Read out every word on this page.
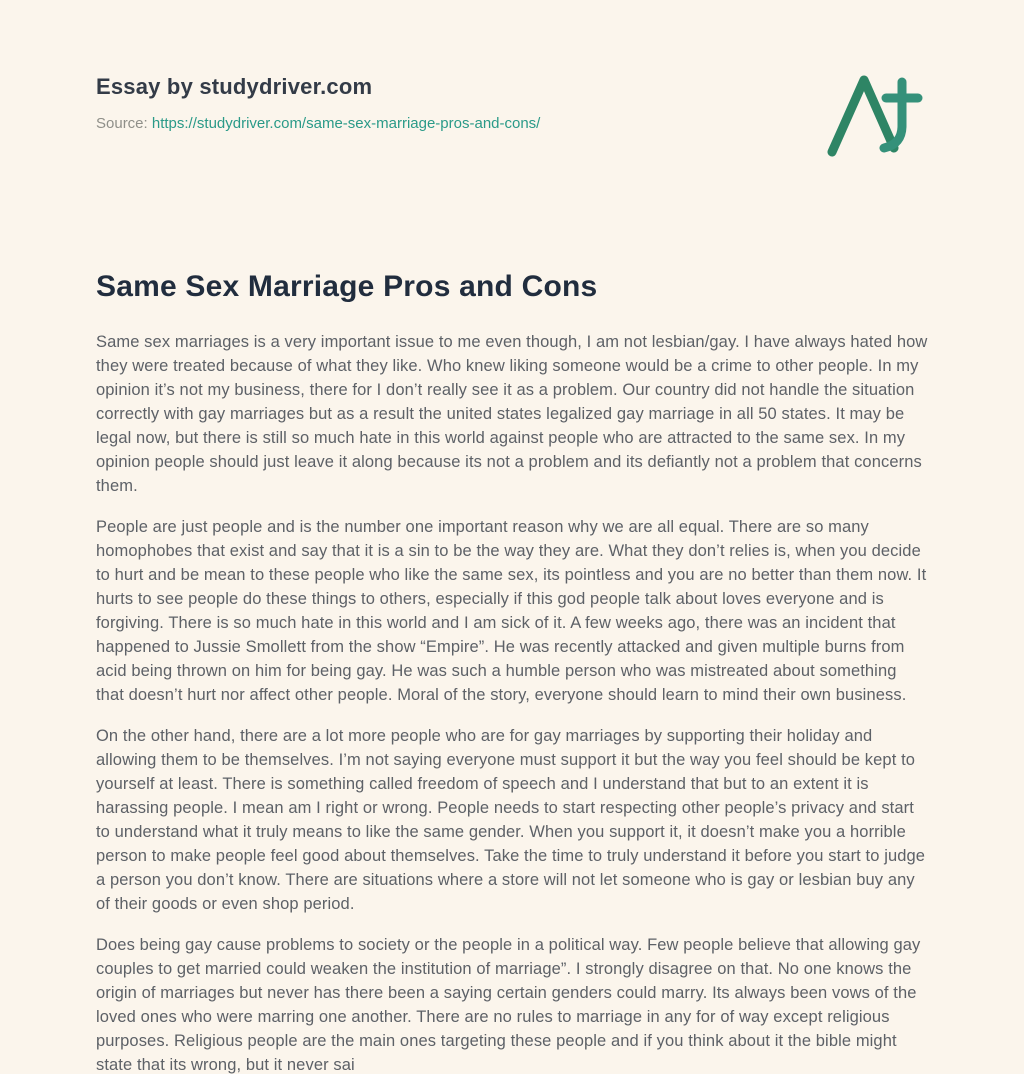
Essay by studydriver.com
Source: https://studydriver.com/same-sex-marriage-pros-and-cons/
Same Sex Marriage Pros and Cons

Same sex marriages is a very important issue to me even though, I am not lesbian/gay. I have always hated how they were treated because of what they like. Who knew liking someone would be a crime to other people. In my opinion it’s not my business, there for I don’t really see it as a problem. Our country did not handle the situation correctly with gay marriages but as a result the united states legalized gay marriage in all 50 states. It may be legal now, but there is still so much hate in this world against people who are attracted to the same sex. In my opinion people should just leave it along because its not a problem and its defiantly not a problem that concerns them.

People are just people and is the number one important reason why we are all equal. There are so many homophobes that exist and say that it is a sin to be the way they are. What they don’t relies is, when you decide to hurt and be mean to these people who like the same sex, its pointless and you are no better than them now. It hurts to see people do these things to others, especially if this god people talk about loves everyone and is forgiving. There is so much hate in this world and I am sick of it. A few weeks ago, there was an incident that happened to Jussie Smollett from the show “Empire”. He was recently attacked and given multiple burns from acid being thrown on him for being gay. He was such a humble person who was mistreated about something that doesn’t hurt nor affect other people. Moral of the story, everyone should learn to mind their own business.

On the other hand, there are a lot more people who are for gay marriages by supporting their holiday and allowing them to be themselves. I’m not saying everyone must support it but the way you feel should be kept to yourself at least. There is something called freedom of speech and I understand that but to an extent it is harassing people. I mean am I right or wrong. People needs to start respecting other people’s privacy and start to understand what it truly means to like the same gender. When you support it, it doesn’t make you a horrible person to make people feel good about themselves. Take the time to truly understand it before you start to judge a person you don’t know. There are situations where a store will not let someone who is gay or lesbian buy any of their goods or even shop period.

Does being gay cause problems to society or the people in a political way. Few people believe that allowing gay couples to get married could weaken the institution of marriage”. I strongly disagree on that. No one knows the origin of marriages but never has there been a saying certain genders could marry. Its always been vows of the loved ones who were marring one another. There are no rules to marriage in any for of way except religious purposes. Religious people are the main ones targeting these people and if you think about it the bible might state that its wrong, but it never sai
